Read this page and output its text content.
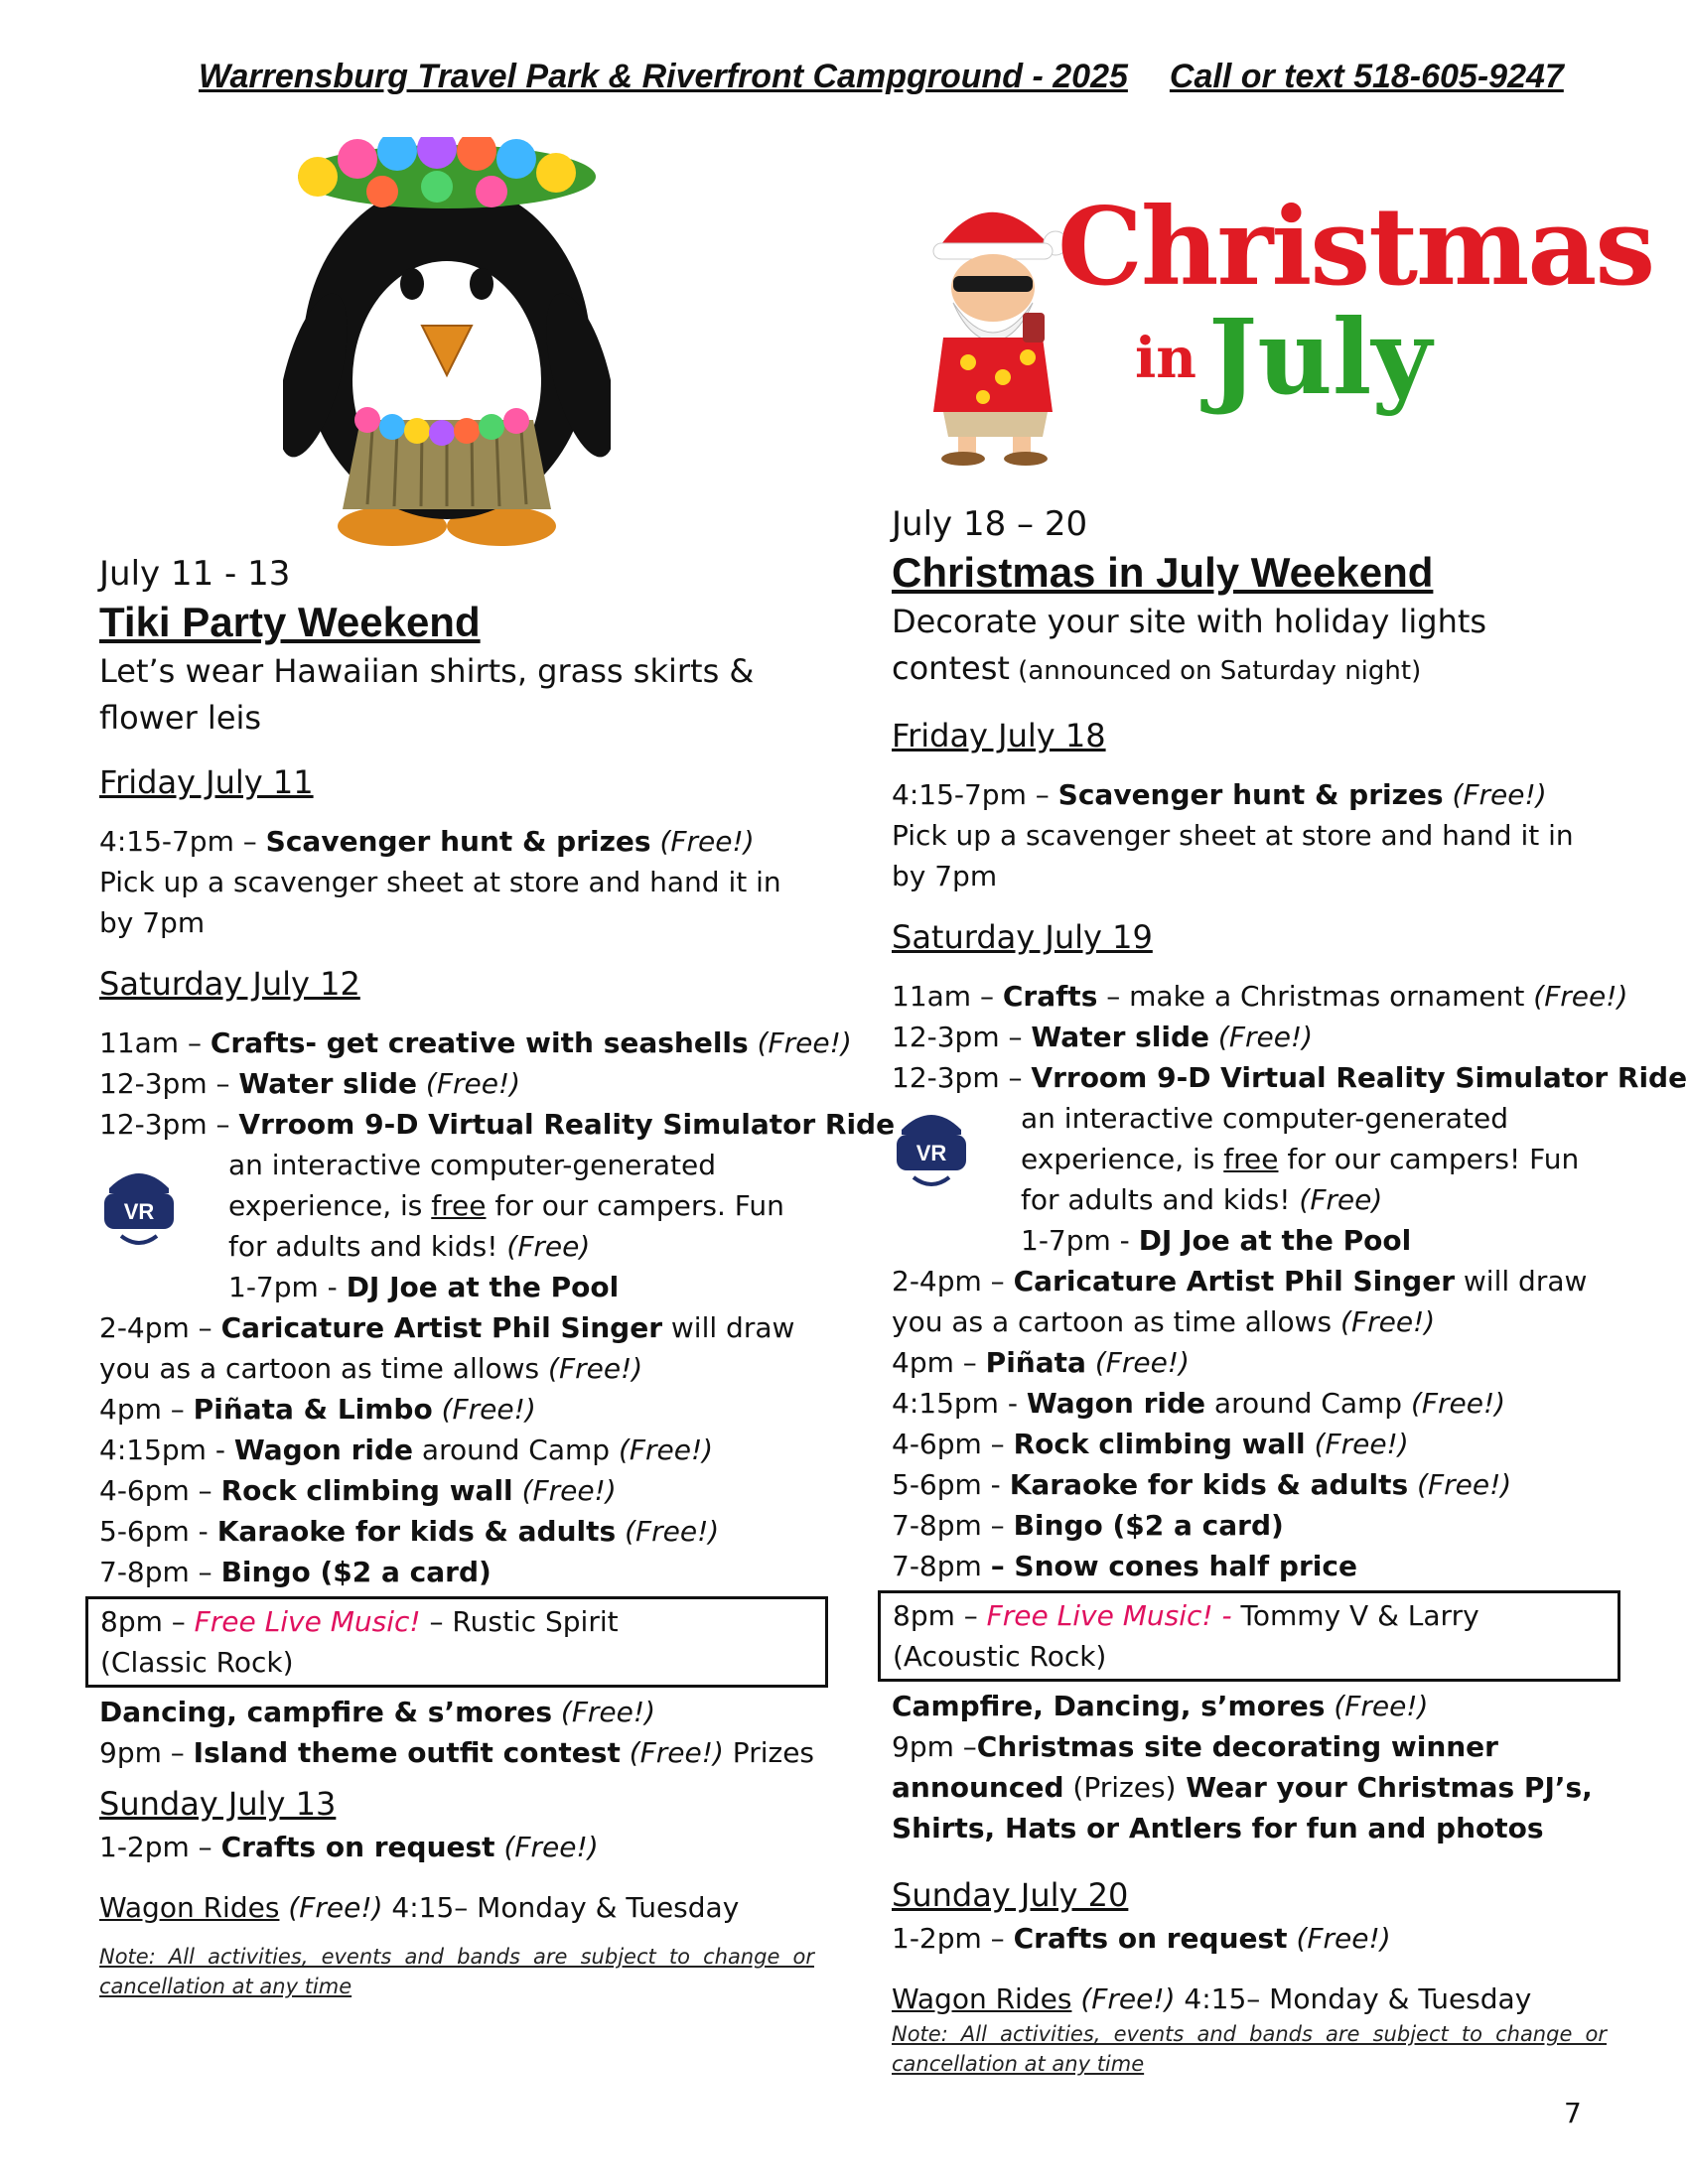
Warrensburg Travel Park & Riverfront Campground - 2025 Call or text 518-605-9247
Christmas
in July
July 11 - 13
Tiki Party Weekend
Let’s wear Hawaiian shirts, grass skirts & flower leis
Friday July 11
4:15-7pm – Scavenger hunt & prizes (Free!) Pick up a scavenger sheet at store and hand it in by 7pm
Saturday July 12
11am – Crafts- get creative with seashells (Free!)
12-3pm – Water slide (Free!)
12-3pm – Vrroom 9-D Virtual Reality Simulator Ride
VR
an interactive computer-generated
experience, is free for our campers. Fun
for adults and kids! (Free)
1-7pm - DJ Joe at the Pool
2-4pm – Caricature Artist Phil Singer will draw you as a cartoon as time allows (Free!)
4pm – Piñata & Limbo (Free!)
4:15pm - Wagon ride around Camp (Free!)
4-6pm – Rock climbing wall (Free!)
5-6pm - Karaoke for kids & adults (Free!)
7-8pm – Bingo ($2 a card)
8pm – Free Live Music! – Rustic Spirit
(Classic Rock)
Dancing, campfire & s’mores (Free!)
9pm – Island theme outfit contest (Free!) Prizes
Sunday July 13
1-2pm – Crafts on request (Free!)
Wagon Rides (Free!) 4:15– Monday & Tuesday
Note: All activities, events and bands are subject to change or cancellation at any time
July 18 – 20
Christmas in July Weekend
Decorate your site with holiday lights contest (announced on Saturday night)
Friday July 18
4:15-7pm – Scavenger hunt & prizes (Free!) Pick up a scavenger sheet at store and hand it in by 7pm
Saturday July 19
11am – Crafts – make a Christmas ornament (Free!)
12-3pm – Water slide (Free!)
12-3pm – Vrroom 9-D Virtual Reality Simulator Ride
VR
an interactive computer-generated
experience, is free for our campers! Fun
for adults and kids! (Free)
1-7pm - DJ Joe at the Pool
2-4pm – Caricature Artist Phil Singer will draw you as a cartoon as time allows (Free!)
4pm – Piñata (Free!)
4:15pm - Wagon ride around Camp (Free!)
4-6pm – Rock climbing wall (Free!)
5-6pm - Karaoke for kids & adults (Free!)
7-8pm – Bingo ($2 a card)
7-8pm – Snow cones half price
8pm – Free Live Music! - Tommy V & Larry
(Acoustic Rock)
Campfire, Dancing, s’mores (Free!)
9pm –Christmas site decorating winner announced (Prizes) Wear your Christmas PJ’s, Shirts, Hats or Antlers for fun and photos
Sunday July 20
1-2pm – Crafts on request (Free!)
Wagon Rides (Free!) 4:15– Monday & Tuesday
Note: All activities, events and bands are subject to change or cancellation at any time
7
